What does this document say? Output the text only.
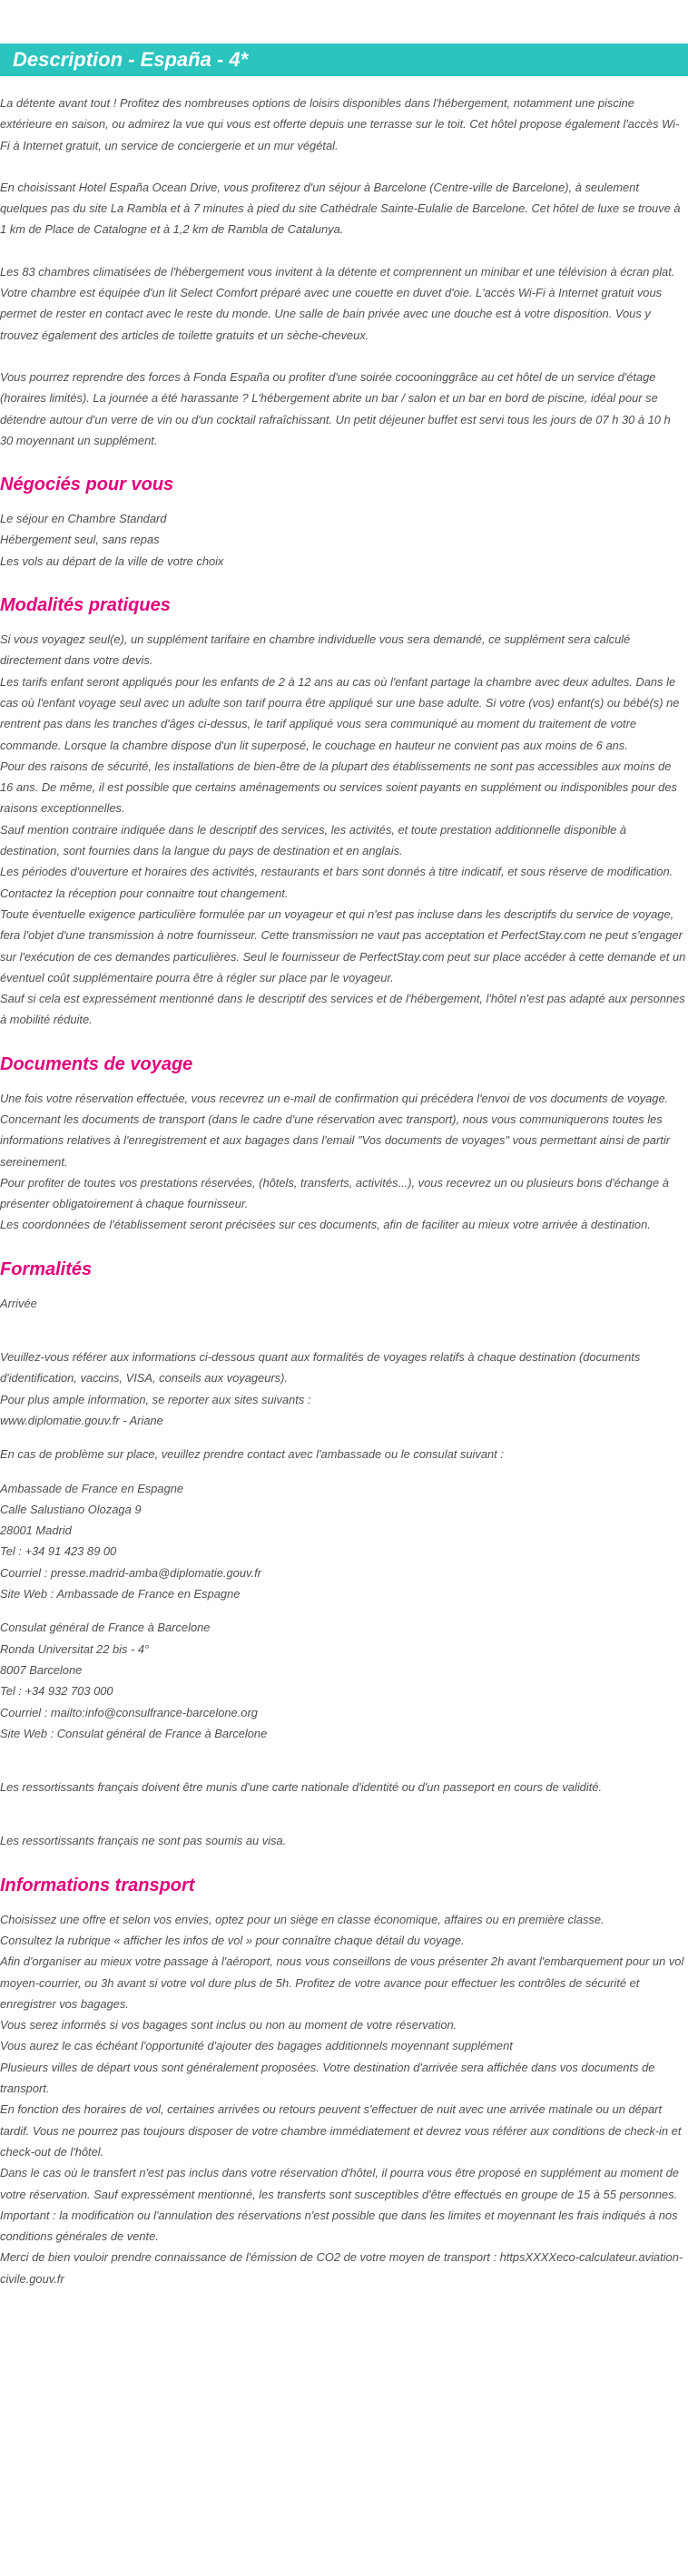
Description - España - 4*

La détente avant tout ! Profitez des nombreuses options de loisirs disponibles dans l'hébergement, notamment une piscine extérieure en saison, ou admirez la vue qui vous est offerte depuis une terrasse sur le toit. Cet hôtel propose également l'accès Wi-Fi à Internet gratuit, un service de conciergerie et un mur végétal.

En choisissant Hotel España Ocean Drive, vous profiterez d'un séjour à Barcelone (Centre-ville de Barcelone), à seulement quelques pas du site La Rambla et à 7 minutes à pied du site Cathédrale Sainte-Eulalie de Barcelone. Cet hôtel de luxe se trouve à 1 km de Place de Catalogne et à 1,2 km de Rambla de Catalunya.

Les 83 chambres climatisées de l'hébergement vous invitent à la détente et comprennent un minibar et une télévision à écran plat. Votre chambre est équipée d'un lit Select Comfort préparé avec une couette en duvet d'oie. L'accès Wi-Fi à Internet gratuit vous permet de rester en contact avec le reste du monde. Une salle de bain privée avec une douche est à votre disposition. Vous y trouvez également des articles de toilette gratuits et un sèche-cheveux.

Vous pourrez reprendre des forces à Fonda España ou profiter d'une soirée cocooninggrâce au cet hôtel de un service d'étage (horaires limités). La journée a été harassante ? L'hébergement abrite un bar / salon et un bar en bord de piscine, idéal pour se détendre autour d'un verre de vin ou d'un cocktail rafraîchissant. Un petit déjeuner buffet est servi tous les jours de 07 h 30 à 10 h 30 moyennant un supplément.

Négociés pour vous

Le séjour en Chambre Standard
Hébergement seul, sans repas
Les vols au départ de la ville de votre choix

Modalités pratiques

Si vous voyagez seul(e), un supplément tarifaire en chambre individuelle vous sera demandé, ce supplément sera calculé directement dans votre devis.
Les tarifs enfant seront appliqués pour les enfants de 2 à 12 ans au cas où l'enfant partage la chambre avec deux adultes. Dans le cas où l'enfant voyage seul avec un adulte son tarif pourra être appliqué sur une base adulte. Si votre (vos) enfant(s) ou bébé(s) ne rentrent pas dans les tranches d'âges ci-dessus, le tarif appliqué vous sera communiqué au moment du traitement de votre commande. Lorsque la chambre dispose d'un lit superposé, le couchage en hauteur ne convient pas aux moins de 6 ans.
Pour des raisons de sécurité, les installations de bien-être de la plupart des établissements ne sont pas accessibles aux moins de 16 ans. De même, il est possible que certains aménagements ou services soient payants en supplément ou indisponibles pour des raisons exceptionnelles.
Sauf mention contraire indiquée dans le descriptif des services, les activités, et toute prestation additionnelle disponible à destination, sont fournies dans la langue du pays de destination et en anglais.
Les périodes d'ouverture et horaires des activités, restaurants et bars sont donnés à titre indicatif, et sous réserve de modification. Contactez la réception pour connaitre tout changement.
Toute éventuelle exigence particulière formulée par un voyageur et qui n'est pas incluse dans les descriptifs du service de voyage, fera l'objet d'une transmission à notre fournisseur. Cette transmission ne vaut pas acceptation et PerfectStay.com ne peut s'engager sur l'exécution de ces demandes particulières. Seul le fournisseur de PerfectStay.com peut sur place accéder à cette demande et un éventuel coût supplémentaire pourra être à régler sur place par le voyageur.
Sauf si cela est expressément mentionné dans le descriptif des services et de l'hébergement, l'hôtel n'est pas adapté aux personnes à mobilité réduite.

Documents de voyage

Une fois votre réservation effectuée, vous recevrez un e-mail de confirmation qui précédera l'envoi de vos documents de voyage.
Concernant les documents de transport (dans le cadre d'une réservation avec transport), nous vous communiquerons toutes les informations relatives à l'enregistrement et aux bagages dans l'email "Vos documents de voyages" vous permettant ainsi de partir sereinement.
Pour profiter de toutes vos prestations réservées, (hôtels, transferts, activités...), vous recevrez un ou plusieurs bons d'échange à présenter obligatoirement à chaque fournisseur.
Les coordonnées de l'établissement seront précisées sur ces documents, afin de faciliter au mieux votre arrivée à destination.

Formalités

Arrivée

Veuillez-vous référer aux informations ci-dessous quant aux formalités de voyages relatifs à chaque destination (documents d'identification, vaccins, VISA, conseils aux voyageurs).
Pour plus ample information, se reporter aux sites suivants :
www.diplomatie.gouv.fr - Ariane

En cas de problème sur place, veuillez prendre contact avec l'ambassade ou le consulat suivant :

Ambassade de France en Espagne
Calle Salustiano Olozaga 9
28001 Madrid
Tel : +34 91 423 89 00
Courriel : presse.madrid-amba@diplomatie.gouv.fr
Site Web : Ambassade de France en Espagne

Consulat général de France à Barcelone
Ronda Universitat 22 bis - 4°
8007 Barcelone
Tel : +34 932 703 000
Courriel : mailto:info@consulfrance-barcelone.org
Site Web : Consulat général de France à Barcelone

Les ressortissants français doivent être munis d'une carte nationale d'identité ou d'un passeport en cours de validité.

Les ressortissants français ne sont pas soumis au visa.

Informations transport

Choisissez une offre et selon vos envies, optez pour un siège en classe économique, affaires ou en première classe.
Consultez la rubrique « afficher les infos de vol » pour connaître chaque détail du voyage.
Afin d'organiser au mieux votre passage à l'aéroport, nous vous conseillons de vous présenter 2h avant l'embarquement pour un vol moyen-courrier, ou 3h avant si votre vol dure plus de 5h. Profitez de votre avance pour effectuer les contrôles de sécurité et enregistrer vos bagages.
Vous serez informés si vos bagages sont inclus ou non au moment de votre réservation.
Vous aurez le cas échéant l'opportunité d'ajouter des bagages additionnels moyennant supplément
Plusieurs villes de départ vous sont généralement proposées. Votre destination d'arrivée sera affichée dans vos documents de transport.
En fonction des horaires de vol, certaines arrivées ou retours peuvent s'effectuer de nuit avec une arrivée matinale ou un départ tardif. Vous ne pourrez pas toujours disposer de votre chambre immédiatement et devrez vous référer aux conditions de check-in et check-out de l'hôtel.
Dans le cas où le transfert n'est pas inclus dans votre réservation d'hôtel, il pourra vous être proposé en supplément au moment de votre réservation. Sauf expressément mentionné, les transferts sont susceptibles d'être effectués en groupe de 15 à 55 personnes.
Important : la modification ou l'annulation des réservations n'est possible que dans les limites et moyennant les frais indiqués à nos conditions générales de vente.
Merci de bien vouloir prendre connaissance de l'émission de CO2 de votre moyen de transport : httpsXXXXeco-calculateur.aviation-civile.gouv.fr
